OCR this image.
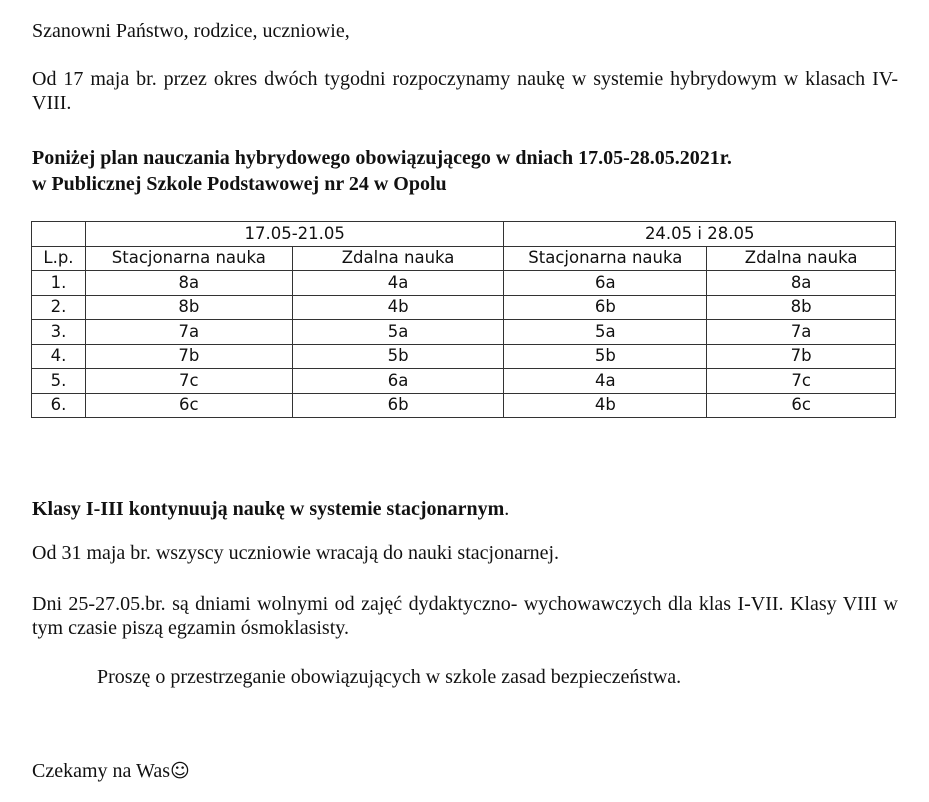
Szanowni Państwo, rodzice, uczniowie,

Od 17 maja br. przez okres dwóch tygodni rozpoczynamy naukę w systemie hybrydowym w klasach IV-VIII.

Poniżej plan nauczania hybrydowego obowiązującego w dniach 17.05-28.05.2021r.
w Publicznej Szkole Podstawowej nr 24 w Opolu
	17.05-21.05		24.05 i 28.05	
L.p.	Stacjonarna nauka	Zdalna nauka	Stacjonarna nauka	Zdalna nauka
1.	8a	4a	6a	8a
2.	8b	4b	6b	8b
3.	7a	5a	5a	7a
4.	7b	5b	5b	7b
5.	7c	6a	4a	7c
6.	6c	6b	4b	6c

Klasy I-III kontynuują naukę w systemie stacjonarnym.

Od 31 maja br. wszyscy uczniowie wracają do nauki stacjonarnej.

Dni 25-27.05.br. są dniami wolnymi od zajęć dydaktyczno- wychowawczych dla klas I-VII. Klasy VIII w tym czasie piszą egzamin ósmoklasisty.

Proszę o przestrzeganie obowiązujących w szkole zasad bezpieczeństwa.

Czekamy na Was☺
